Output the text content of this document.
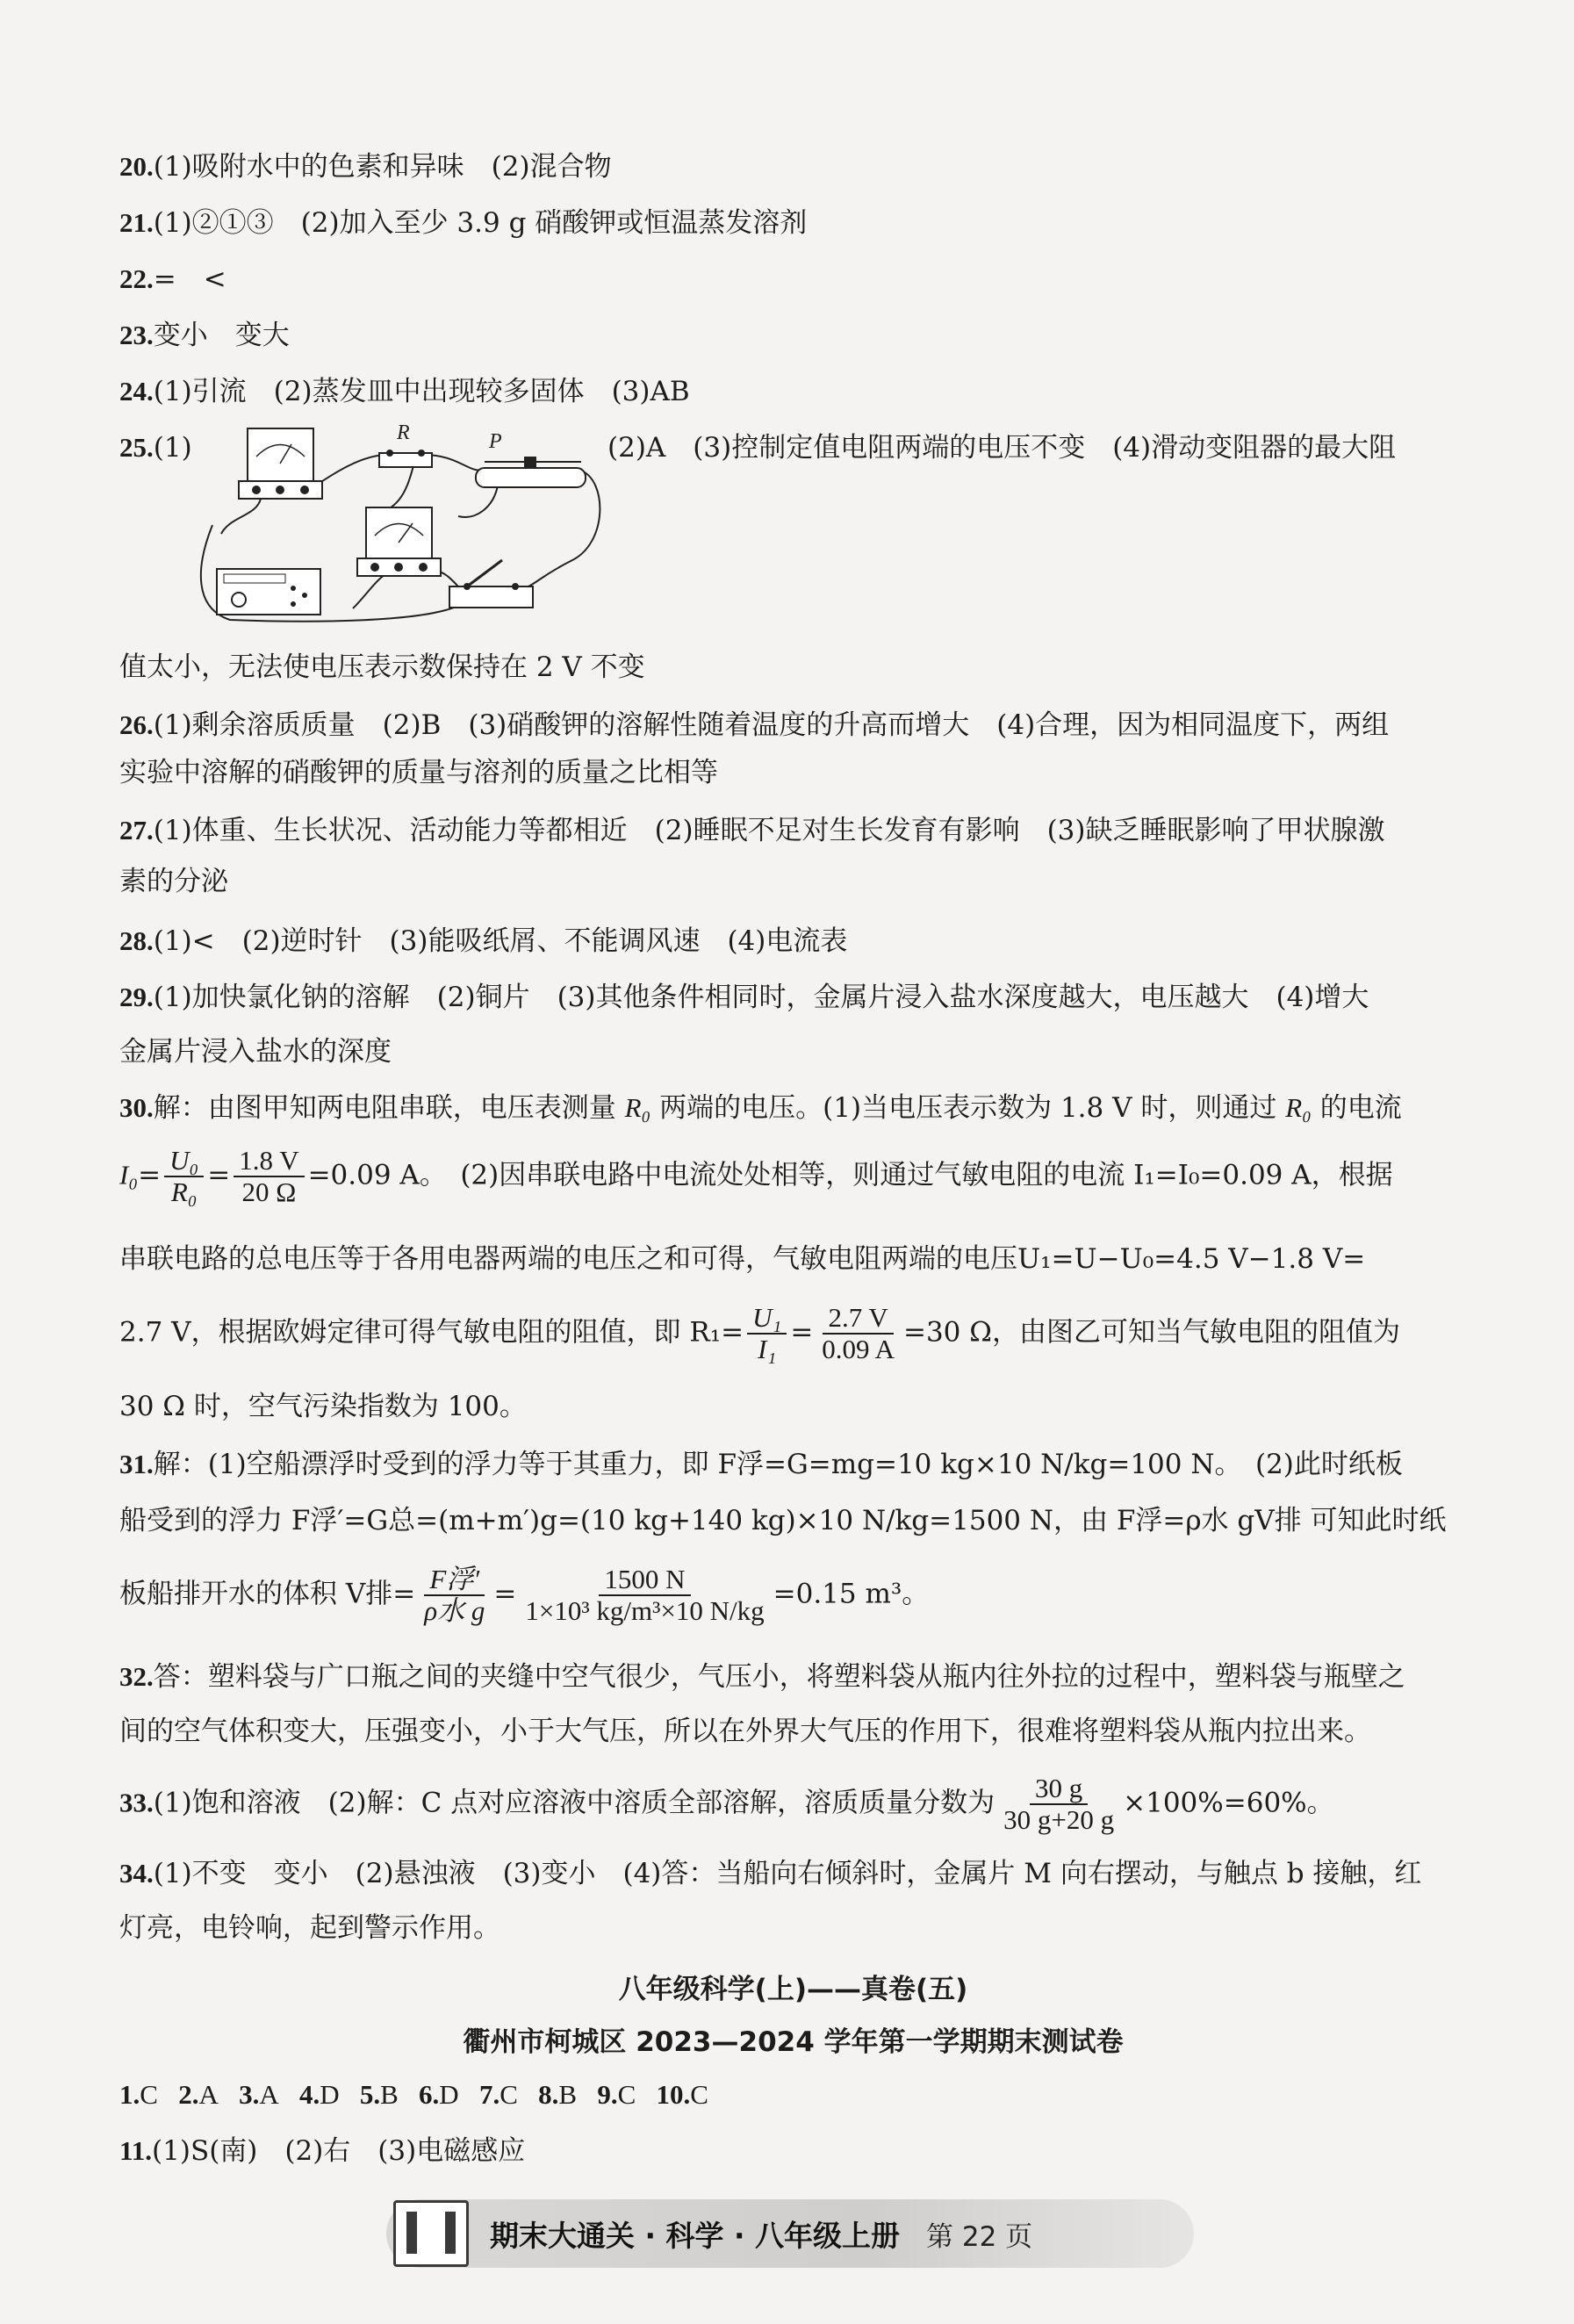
20.(1)吸附水中的色素和异味　(2)混合物
21.(1)②①③　(2)加入至少 3.9 g 硝酸钾或恒温蒸发溶剂
22.=　<
23.变小　变大
24.(1)引流　(2)蒸发皿中出现较多固体　(3)AB
25.(1)	(2)A　(3)控制定值电阻两端的电压不变　(4)滑动变阻器的最大阻
R	P
值太小，无法使电压表示数保持在 2 V 不变
26.(1)剩余溶质质量　(2)B　(3)硝酸钾的溶解性随着温度的升高而增大　(4)合理，因为相同温度下，两组
实验中溶解的硝酸钾的质量与溶剂的质量之比相等
27.(1)体重、生长状况、活动能力等都相近　(2)睡眠不足对生长发育有影响　(3)缺乏睡眠影响了甲状腺激
素的分泌
28.(1)<　(2)逆时针　(3)能吸纸屑、不能调风速　(4)电流表
29.(1)加快氯化钠的溶解　(2)铜片　(3)其他条件相同时，金属片浸入盐水深度越大，电压越大　(4)增大
金属片浸入盐水的深度
30.解：由图甲知两电阻串联，电压表测量 R₀ 两端的电压。(1)当电压表示数为 1.8 V 时，则通过 R₀ 的电流
$I_0= \frac{\text{U₀}}{\text{R₀}} = \frac{1.8 V}{20 \Omega} =0.09$ A。　(2)因串联电路中电流处处相等，则通过气敏电阻的电流 I₁=I₀=0.09 A，根据
串联电路的总电压等于各用电器两端的电压之和可得，气敏电阻两端的电压U₁=U−U₀=4.5 V−1.8 V=
2.7 V，根据欧姆定律可得气敏电阻的阻值，即 $R_1= \frac{\text{U₁}}{\text{I₁}} = \frac{2.7 V}{0.09 A} =30$ Ω，由图乙可知当气敏电阻的阻值为
30 Ω 时，空气污染指数为 100。
31.解：(1)空船漂浮时受到的浮力等于其重力，即 F浮=G=mg=10 kg×10 N/kg=100 N。　(2)此时纸板
船受到的浮力 F浮′=G总=(m+m′)g=(10 kg+140 kg)×10 N/kg=1500 N，由 F浮=ρ水 gV排 可知此时纸
板船排开水的体积 V排= $\frac{\text{F浮′}}{\text{ρ水 g}} = \frac{1500 N}{\text{1×10³ kg/m³×10 N/kg}} =0.15$ m³。
32.答：塑料袋与广口瓶之间的夹缝中空气很少，气压小，将塑料袋从瓶内往外拉的过程中，塑料袋与瓶壁之
间的空气体积变大，压强变小，小于大气压，所以在外界大气压的作用下，很难将塑料袋从瓶内拉出来。
33.(1)饱和溶液　(2)解：C 点对应溶液中溶质全部溶解，溶质质量分数为 $\frac{30 g}{30 g+20 g} \times 100\%=60\%$。
34.(1)不变　变小　(2)悬浊液　(3)变小　(4)答：当船向右倾斜时，金属片 M 向右摆动，与触点 b 接触，红
灯亮，电铃响，起到警示作用。
八年级科学(上)——真卷(五)
衢州市柯城区 2023—2024 学年第一学期期末测试卷
1.C 2.A 3.A 4.D 5.B 6.D 7.C 8.B 9.C 10.C
11.(1)S(南)　(2)右　(3)电磁感应
期末大通关 · 科学 · 八年级上册 第 22 页
